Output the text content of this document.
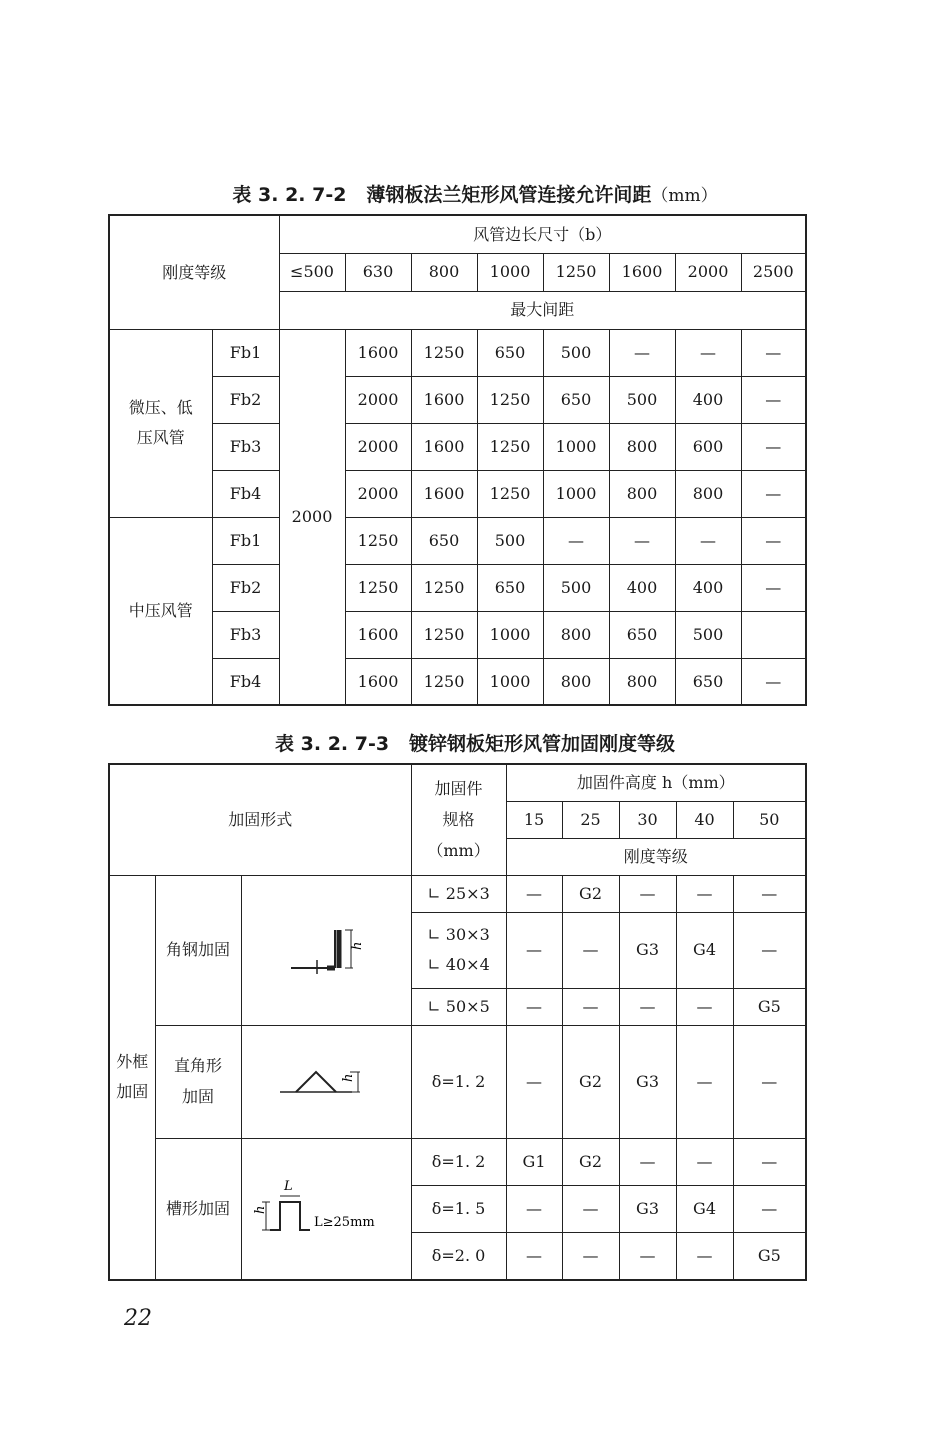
表 3. 2. 7-2 薄钢板法兰矩形风管连接允许间距（mm）
刚度等级		风管边长尺寸（b）							
		≤500	630	800	1000	1250	1600	2000	2500
		最大间距							
微压、低压风管	Fb1	2000	1600	1250	650	500	—	—	—
	Fb2		2000	1600	1250	650	500	400	—
	Fb3		2000	1600	1250	1000	800	600	—
	Fb4		2000	1600	1250	1000	800	800	—
中压风管	Fb1		1250	650	500	—	—	—	—
	Fb2		1250	1250	650	500	400	400	—
	Fb3		1600	1250	1000	800	650	500	
	Fb4		1600	1250	1000	800	800	650	—
表 3. 2. 7-3 镀锌钢板矩形风管加固刚度等级
加固形式			加固件
规格
（mm）	加固件高度 h（mm）				
				15	25	30	40	50
				刚度等级				
外框加固	角钢加固	h	∟ 25×3	—	G2	—	—	—

			∟ 30×3
∟ 40×4	—	—	G3	G4	—
			∟ 50×5	—	—	—	—	G5
	直角形加固	h	δ=1. 2	—	G2	G3	—	—
	槽形加固	L
h
L≥25mm	δ=1. 2	G1	G2	—	—	—
			δ=1. 5	—	—	G3	G4	—
			δ=2. 0	—	—	—	—	G5
22
